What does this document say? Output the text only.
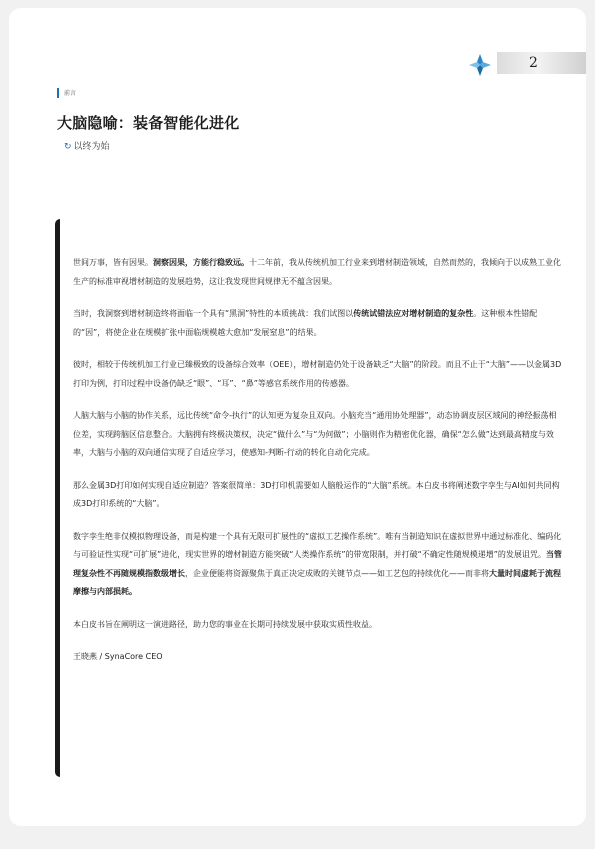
2
前言
大脑隐喻：装备智能化进化
↻ 以终为始

世间万事，皆有因果。洞察因果，方能行稳致远。十二年前，我从传统机加工行业来到增材制造领域，自然而然的，我倾向于以成熟工业化生产的标准审视增材制造的发展趋势，这让我发现世间规律无不蕴含因果。

当时，我洞察到增材制造终将面临一个具有“黑洞”特性的本质挑战：我们试图以传统试错法应对增材制造的复杂性。这种根本性错配的“因”，将使企业在规模扩张中面临规模越大愈加“发展窒息”的结果。

彼时，相较于传统机加工行业已臻极致的设备综合效率（OEE），增材制造仍处于设备缺乏“大脑”的阶段。而且不止于“大脑”——以金属3D打印为例，打印过程中设备仍缺乏“眼”、“耳”、“鼻”等感官系统作用的传感器。

人脑大脑与小脑的协作关系，远比传统“命令-执行”的认知更为复杂且双向。小脑充当“通用协处理器”，动态协调皮层区域间的神经振荡相位差，实现跨脑区信息整合。大脑拥有终极决策权，决定“做什么”与“为何做”；小脑则作为精密优化器，确保“怎么做”达到最高精度与效率，大脑与小脑的双向通信实现了自适应学习，使感知-判断-行动的转化自动化完成。

那么金属3D打印如何实现自适应制造？答案很简单：3D打印机需要如人脑般运作的“大脑”系统。本白皮书将阐述数字孪生与AI如何共同构成3D打印系统的“大脑”。

数字孪生绝非仅模拟物理设备，而是构建一个具有无限可扩展性的“虚拟工艺操作系统”。唯有当制造知识在虚拟世界中通过标准化、编码化与可验证性实现“可扩展”进化，现实世界的增材制造方能突破“人类操作系统”的带宽限制，并打破“不确定性随规模递增”的发展诅咒。当管理复杂性不再随规模指数级增长，企业便能将资源聚焦于真正决定成败的关键节点——如工艺包的持续优化——而非将大量时间虚耗于流程摩擦与内部损耗。

本白皮书旨在阐明这一演进路径，助力您的事业在长期可持续发展中获取实质性收益。

王晓燕 / SynaCore CEO
